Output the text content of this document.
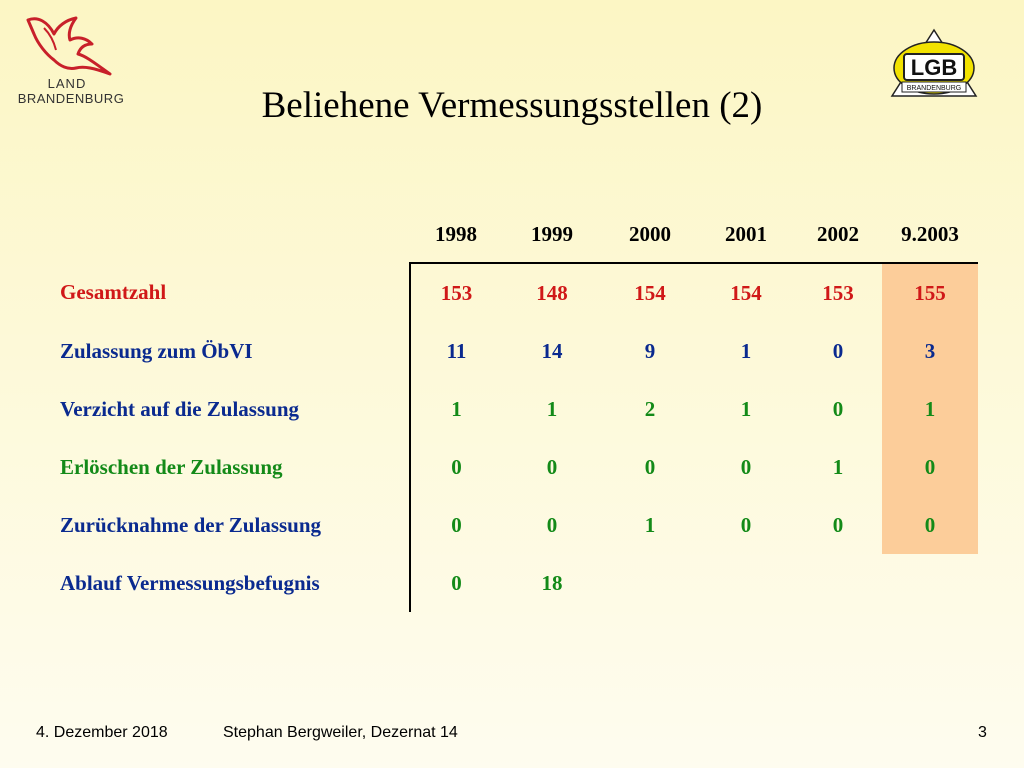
LAND
BRANDENBURG
LGB
BRANDENBURG
Beliehene Vermessungsstellen (2)
	1998	1999	2000	2001	2002	9.2003
Gesamtzahl	153	148	154	154	153	155
Zulassung zum ÖbVI	11	14	9	1	0	3
Verzicht auf die Zulassung	1	1	2	1	0	1
Erlöschen der Zulassung	0	0	0	0	1	0
Zurücknahme der Zulassung	0	0	1	0	0	0
Ablauf Vermessungsbefugnis	0	18				
4. Dezember 2018	Stephan Bergweiler, Dezernat 14	3
